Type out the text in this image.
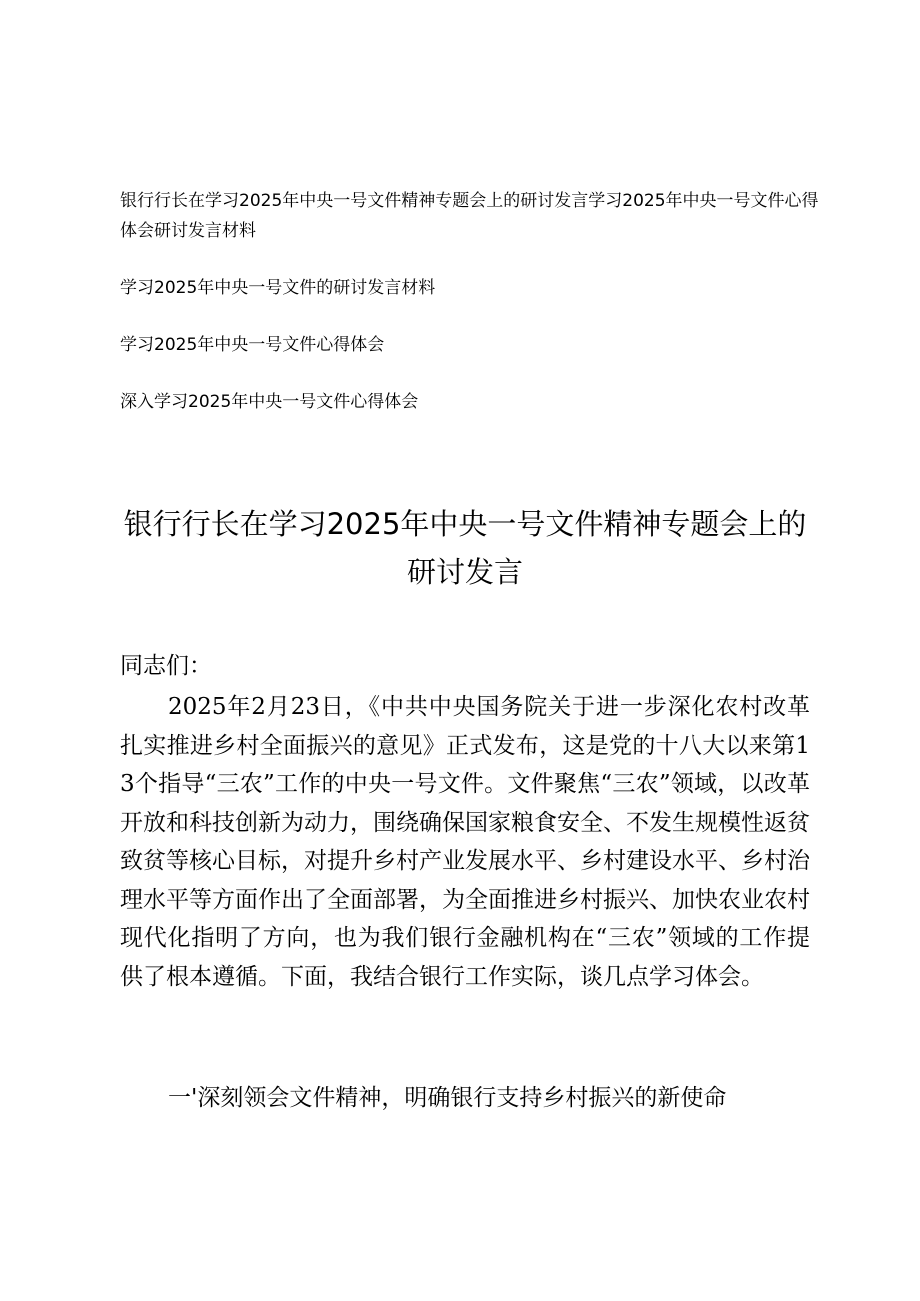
银行行长在学习2025年中央一号文件精神专题会上的研讨发言学习2025年中央一号文件心得体会研讨发言材料

学习2025年中央一号文件的研讨发言材料

学习2025年中央一号文件心得体会

深入学习2025年中央一号文件心得体会

银行行长在学习2025年中央一号文件精神专题会上的研讨发言

同志们：

2025年2月23日，《中共中央国务院关于进一步深化农村改革扎实推进乡村全面振兴的意见》正式发布，这是党的十八大以来第13个指导“三农”工作的中央一号文件。文件聚焦“三农”领域，以改革开放和科技创新为动力，围绕确保国家粮食安全、不发生规模性返贫致贫等核心目标，对提升乡村产业发展水平、乡村建设水平、乡村治理水平等方面作出了全面部署，为全面推进乡村振兴、加快农业农村现代化指明了方向，也为我们银行金融机构在“三农”领域的工作提供了根本遵循。下面，我结合银行工作实际，谈几点学习体会。

一'深刻领会文件精神，明确银行支持乡村振兴的新使命
